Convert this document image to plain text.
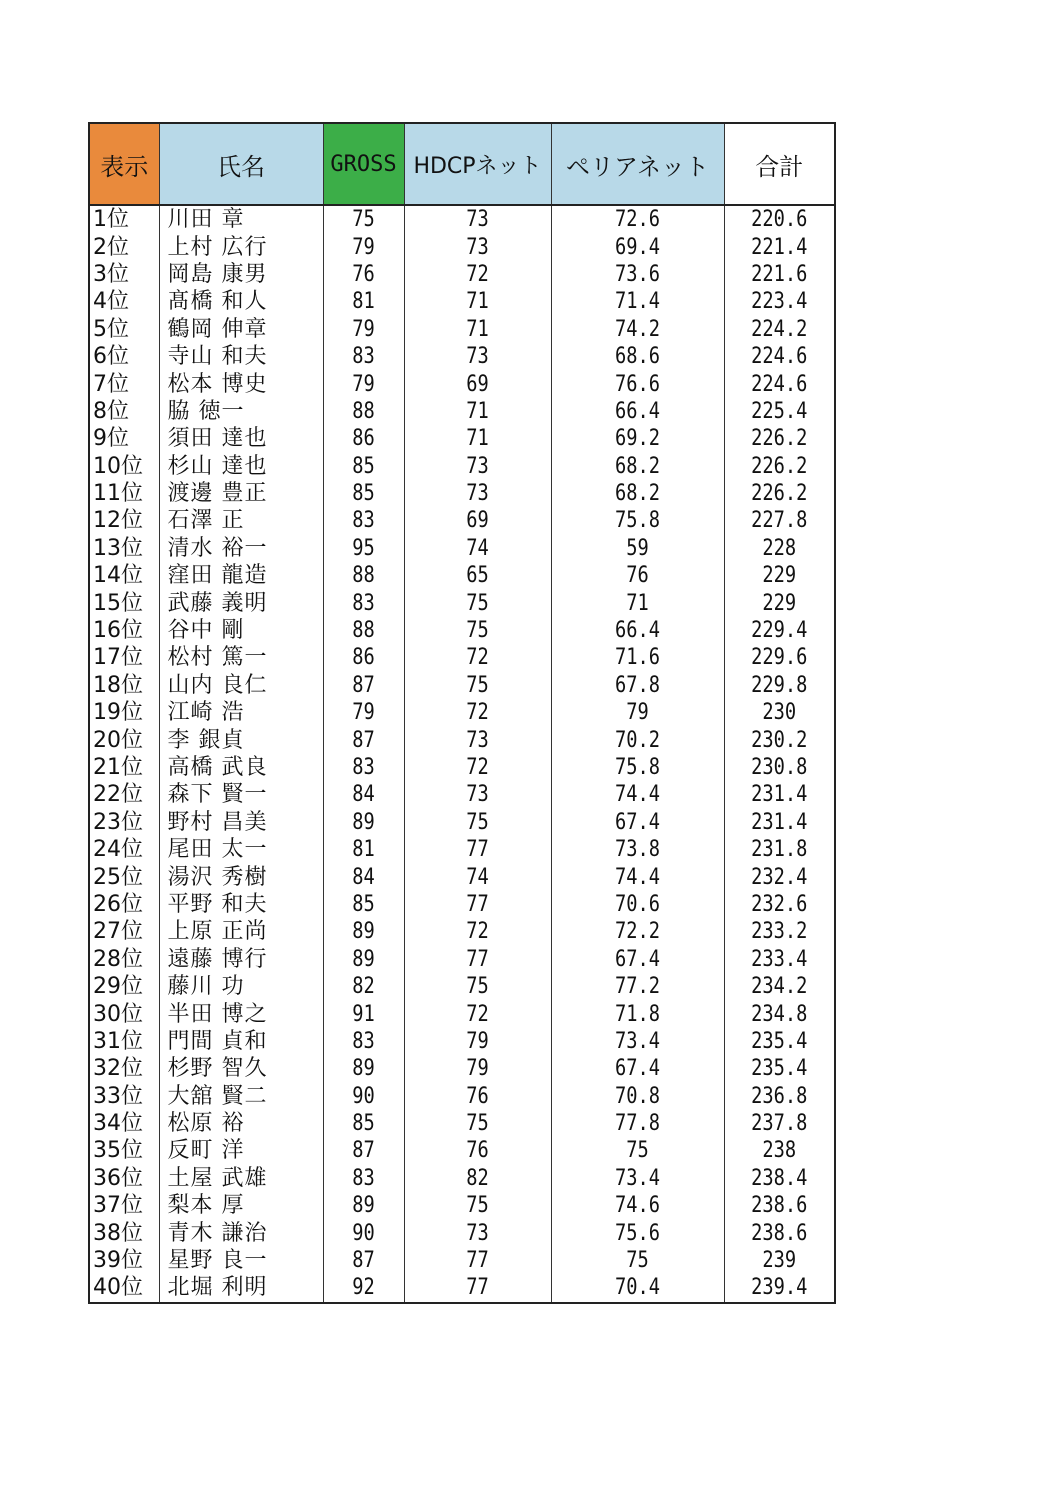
表示	氏名	GROSS	HDCPネット	ペリアネット	合計
1位	川田 章	75	73	72.6	220.6
2位	上村 広行	79	73	69.4	221.4
3位	岡島 康男	76	72	73.6	221.6
4位	髙橋 和人	81	71	71.4	223.4
5位	鶴岡 伸章	79	71	74.2	224.2
6位	寺山 和夫	83	73	68.6	224.6
7位	松本 博史	79	69	76.6	224.6
8位	脇 徳一	88	71	66.4	225.4
9位	須田 達也	86	71	69.2	226.2
10位	杉山 達也	85	73	68.2	226.2
11位	渡邊 豊正	85	73	68.2	226.2
12位	石澤 正	83	69	75.8	227.8
13位	清水 裕一	95	74	59	228
14位	窪田 龍造	88	65	76	229
15位	武藤 義明	83	75	71	229
16位	谷中 剛	88	75	66.4	229.4
17位	松村 篤一	86	72	71.6	229.6
18位	山内 良仁	87	75	67.8	229.8
19位	江崎 浩	79	72	79	230
20位	李 銀貞	87	73	70.2	230.2
21位	高橋 武良	83	72	75.8	230.8
22位	森下 賢一	84	73	74.4	231.4
23位	野村 昌美	89	75	67.4	231.4
24位	尾田 太一	81	77	73.8	231.8
25位	湯沢 秀樹	84	74	74.4	232.4
26位	平野 和夫	85	77	70.6	232.6
27位	上原 正尚	89	72	72.2	233.2
28位	遠藤 博行	89	77	67.4	233.4
29位	藤川 功	82	75	77.2	234.2
30位	半田 博之	91	72	71.8	234.8
31位	門間 貞和	83	79	73.4	235.4
32位	杉野 智久	89	79	67.4	235.4
33位	大舘 賢二	90	76	70.8	236.8
34位	松原 裕	85	75	77.8	237.8
35位	反町 洋	87	76	75	238
36位	土屋 武雄	83	82	73.4	238.4
37位	梨本 厚	89	75	74.6	238.6
38位	青木 謙治	90	73	75.6	238.6
39位	星野 良一	87	77	75	239
40位	北堀 利明	92	77	70.4	239.4
